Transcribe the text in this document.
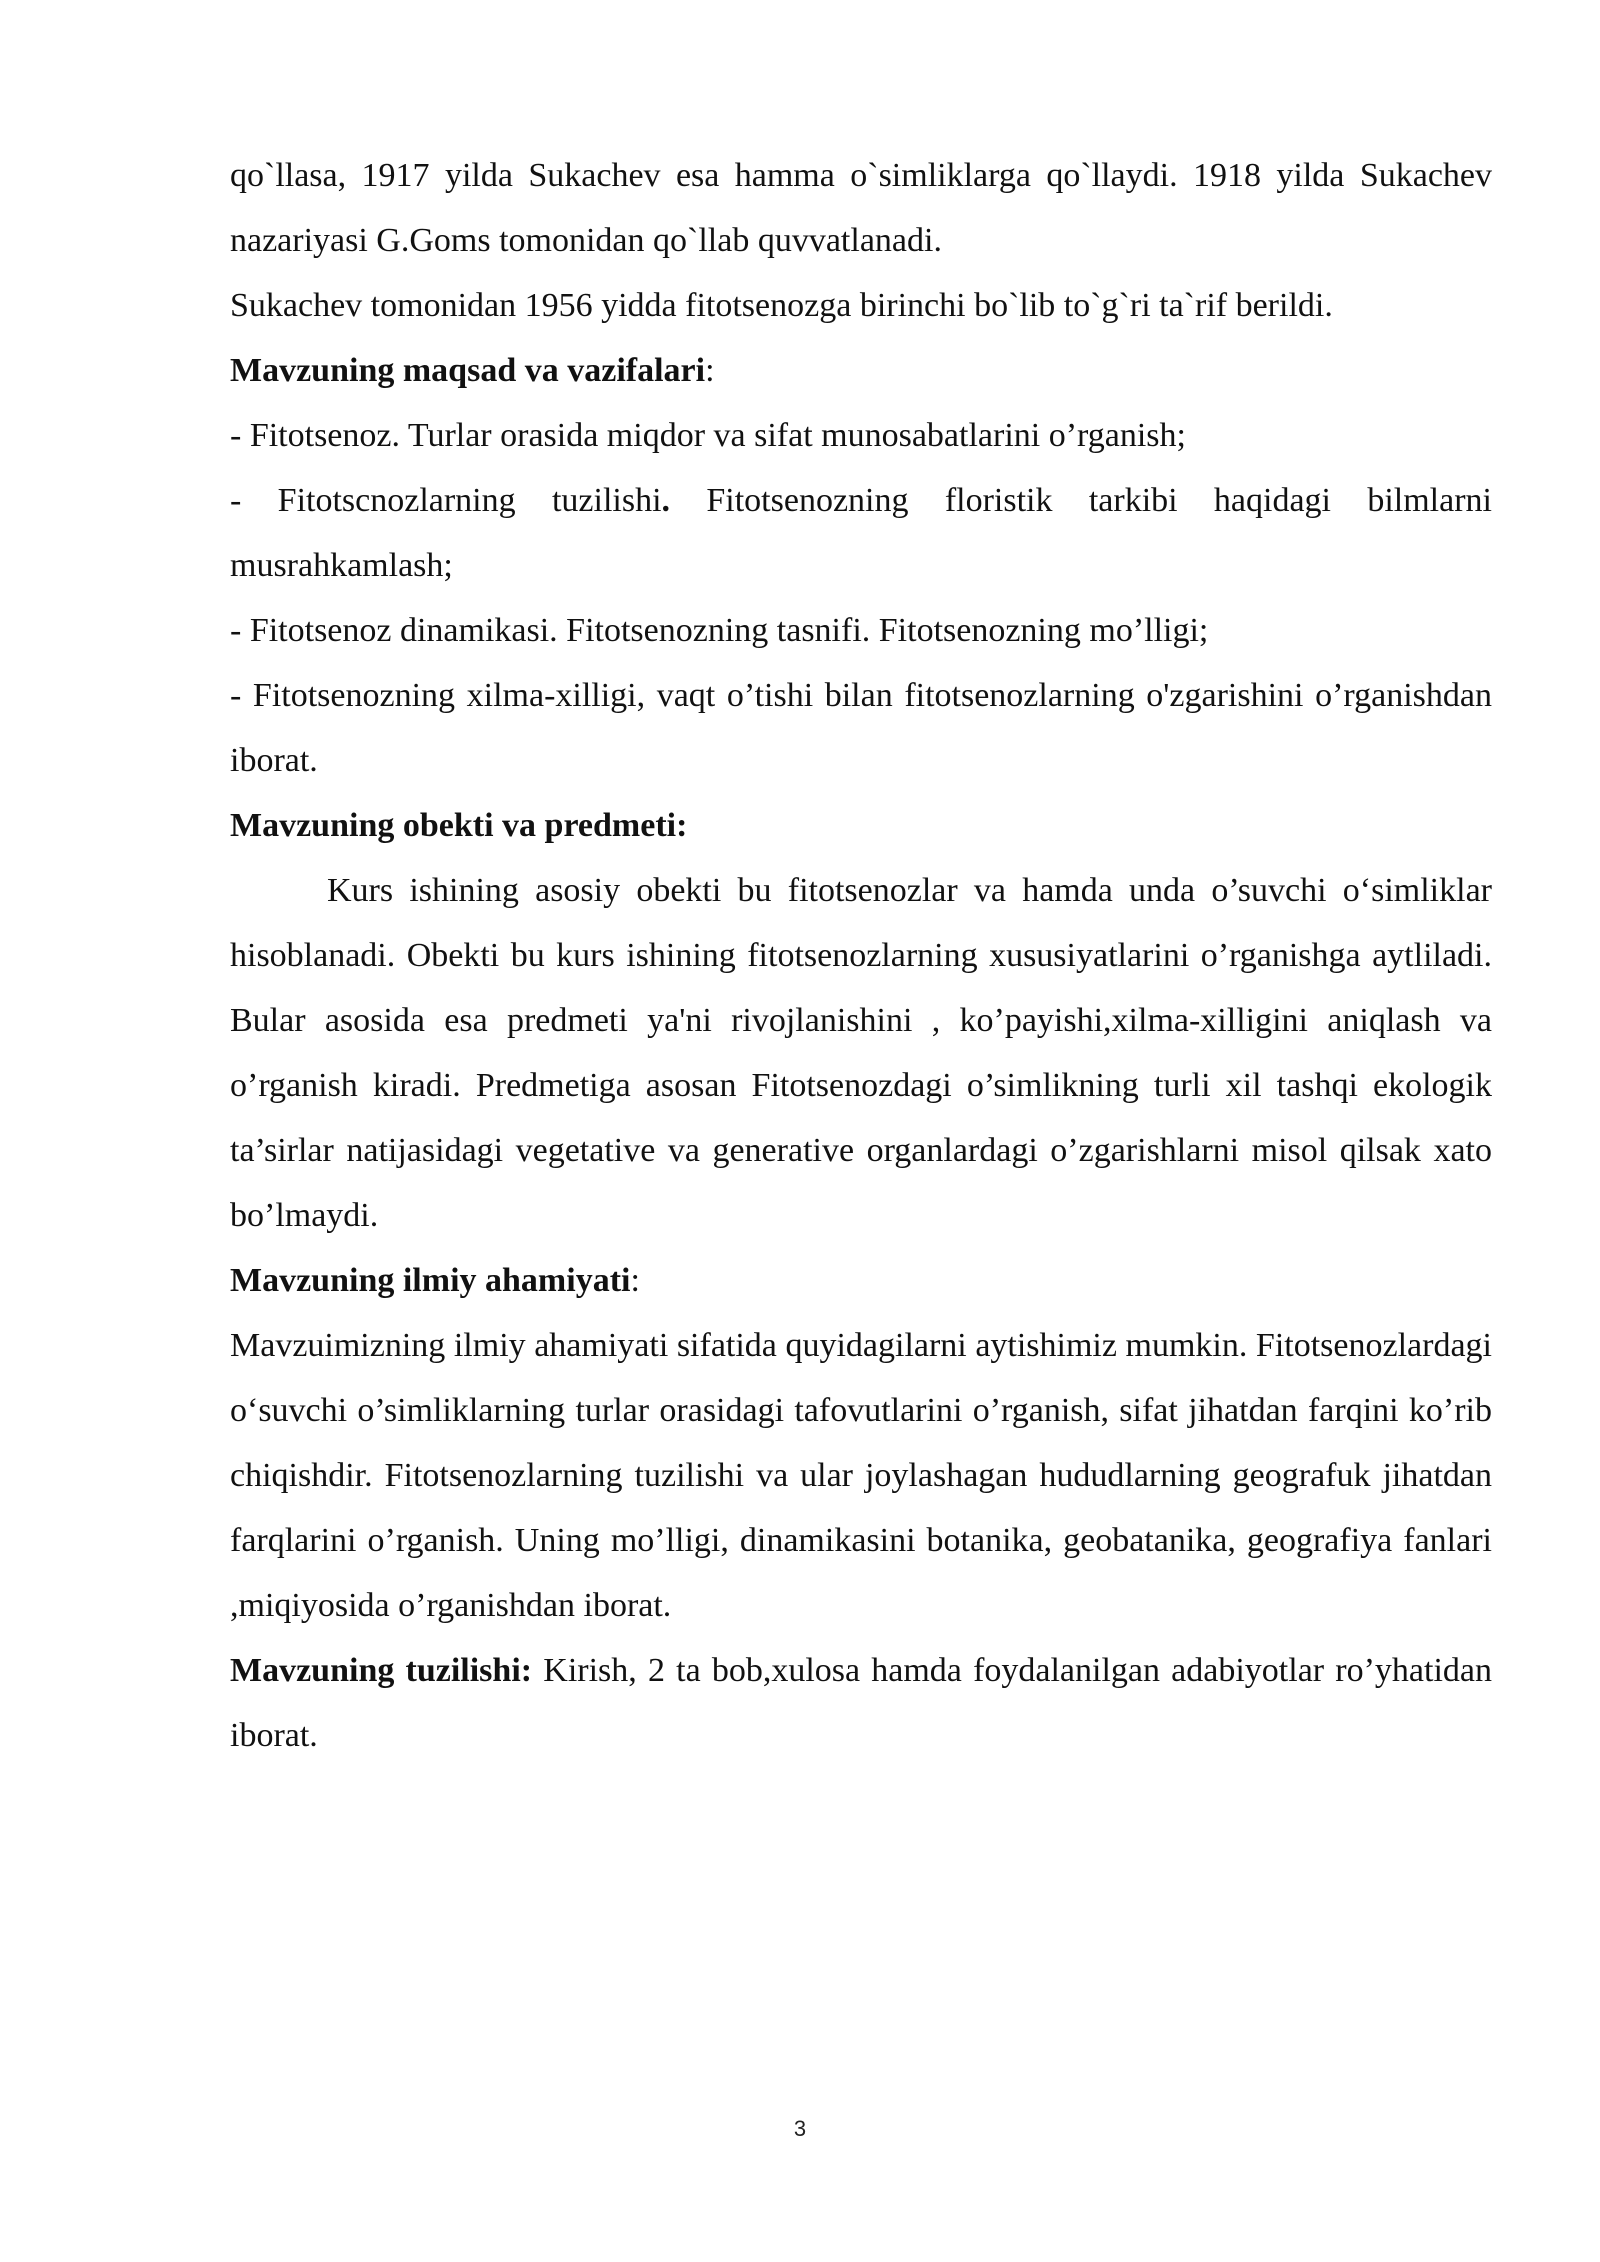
qo`llasa, 1917 yilda Sukachev esa hamma o`simliklarga qo`llaydi. 1918 yilda Sukachev nazariyasi G.Goms tomonidan qo`llab quvvatlanadi.

Sukachev tomonidan 1956 yidda fitotsenozga birinchi bo`lib to`g`ri ta`rif berildi.

Mavzuning maqsad va vazifalari:

- Fitotsenoz. Turlar orasida miqdor va sifat munosabatlarini o’rganish;

- Fitotscnozlarning tuzilishi. Fitotsenozning floristik tarkibi haqidagi bilmlarni musrahkamlash;

- Fitotsenoz dinamikasi. Fitotsenozning tasnifi. Fitotsenozning mo’lligi;

- Fitotsenozning xilma-xilligi, vaqt o’tishi bilan fitotsenozlarning o'zgarishini o’rganishdan iborat.

Mavzuning obekti va predmeti:

Kurs ishining asosiy obekti bu fitotsenozlar va hamda unda o’suvchi o‘simliklar hisoblanadi. Obekti bu kurs ishining fitotsenozlarning xususiyatlarini o’rganishga aytliladi. Bular asosida esa predmeti ya'ni rivojlanishini , ko’payishi,xilma-xilligini aniqlash va o’rganish kiradi. Predmetiga asosan Fitotsenozdagi o’simlikning turli xil tashqi ekologik ta’sirlar natijasidagi vegetative va generative organlardagi o’zgarishlarni misol qilsak xato bo’lmaydi.

Mavzuning ilmiy ahamiyati:

Mavzuimizning ilmiy ahamiyati sifatida quyidagilarni aytishimiz mumkin. Fitotsenozlardagi o‘suvchi o’simliklarning turlar orasidagi tafovutlarini o’rganish, sifat jihatdan farqini ko’rib chiqishdir. Fitotsenozlarning tuzilishi va ular joylashagan hududlarning geografuk jihatdan farqlarini o’rganish. Uning mo’lligi, dinamikasini botanika, geobatanika, geografiya fanlari ,miqiyosida o’rganishdan iborat.

Mavzuning tuzilishi: Kirish, 2 ta bob,xulosa hamda foydalanilgan adabiyotlar ro’yhatidan iborat.

3
